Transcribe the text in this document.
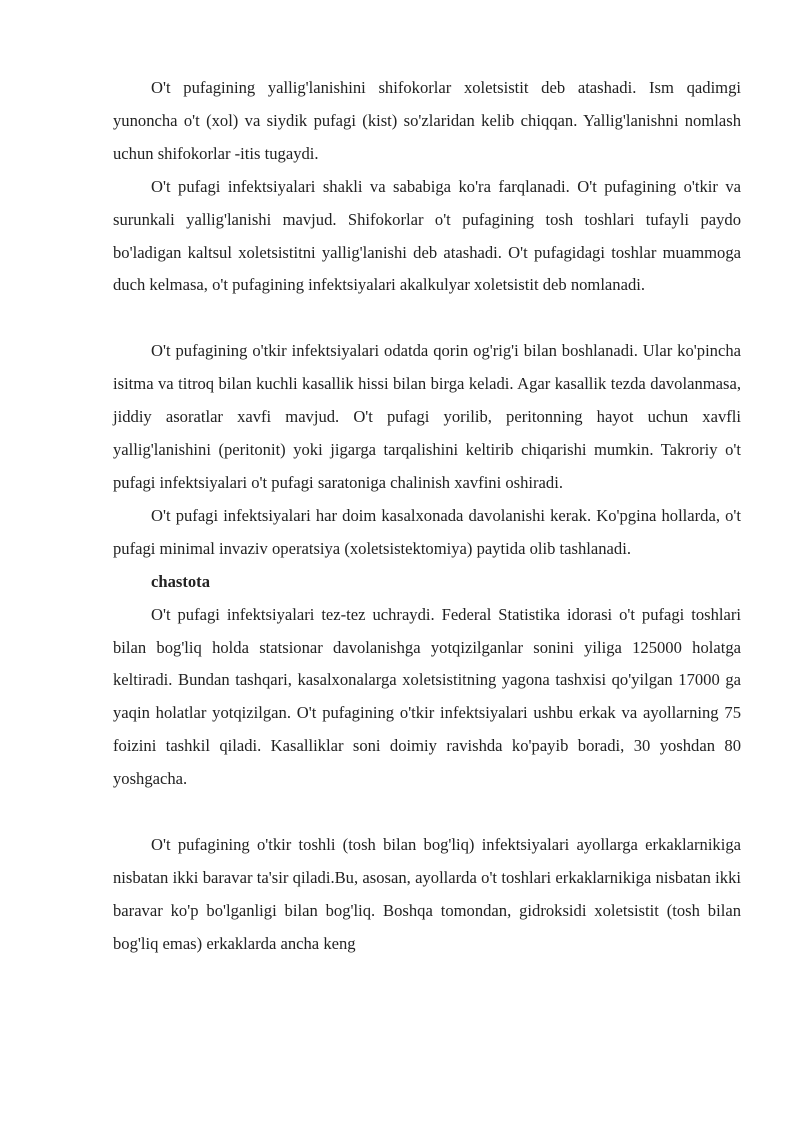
O't pufagining yallig'lanishini shifokorlar xoletsistit deb atashadi. Ism qadimgi yunoncha o't (xol) va siydik pufagi (kist) so'zlaridan kelib chiqqan. Yallig'lanishni nomlash uchun shifokorlar -itis tugaydi.

O't pufagi infektsiyalari shakli va sababiga ko'ra farqlanadi. O't pufagining o'tkir va surunkali yallig'lanishi mavjud. Shifokorlar o't pufagining tosh toshlari tufayli paydo bo'ladigan kaltsul xoletsistitni yallig'lanishi deb atashadi. O't pufagidagi toshlar muammoga duch kelmasa, o't pufagining infektsiyalari akalkulyar xoletsistit deb nomlanadi.

O't pufagining o'tkir infektsiyalari odatda qorin og'rig'i bilan boshlanadi. Ular ko'pincha isitma va titroq bilan kuchli kasallik hissi bilan birga keladi. Agar kasallik tezda davolanmasa, jiddiy asoratlar xavfi mavjud. O't pufagi yorilib, peritonning hayot uchun xavfli yallig'lanishini (peritonit) yoki jigarga tarqalishini keltirib chiqarishi mumkin. Takroriy o't pufagi infektsiyalari o't pufagi saratoniga chalinish xavfini oshiradi.

O't pufagi infektsiyalari har doim kasalxonada davolanishi kerak. Ko'pgina hollarda, o't pufagi minimal invaziv operatsiya (xoletsistektomiya) paytida olib tashlanadi.

chastota

O't pufagi infektsiyalari tez-tez uchraydi. Federal Statistika idorasi o't pufagi toshlari bilan bog'liq holda statsionar davolanishga yotqizilganlar sonini yiliga 125000 holatga keltiradi. Bundan tashqari, kasalxonalarga xoletsistitning yagona tashxisi qo'yilgan 17000 ga yaqin holatlar yotqizilgan. O't pufagining o'tkir infektsiyalari ushbu erkak va ayollarning 75 foizini tashkil qiladi. Kasalliklar soni doimiy ravishda ko'payib boradi, 30 yoshdan 80 yoshgacha.

O't pufagining o'tkir toshli (tosh bilan bog'liq) infektsiyalari ayollarga erkaklarnikiga nisbatan ikki baravar ta'sir qiladi.Bu, asosan, ayollarda o't toshlari erkaklarnikiga nisbatan ikki baravar ko'p bo'lganligi bilan bog'liq. Boshqa tomondan, gidroksidi xoletsistit (tosh bilan bog'liq emas) erkaklarda ancha keng
